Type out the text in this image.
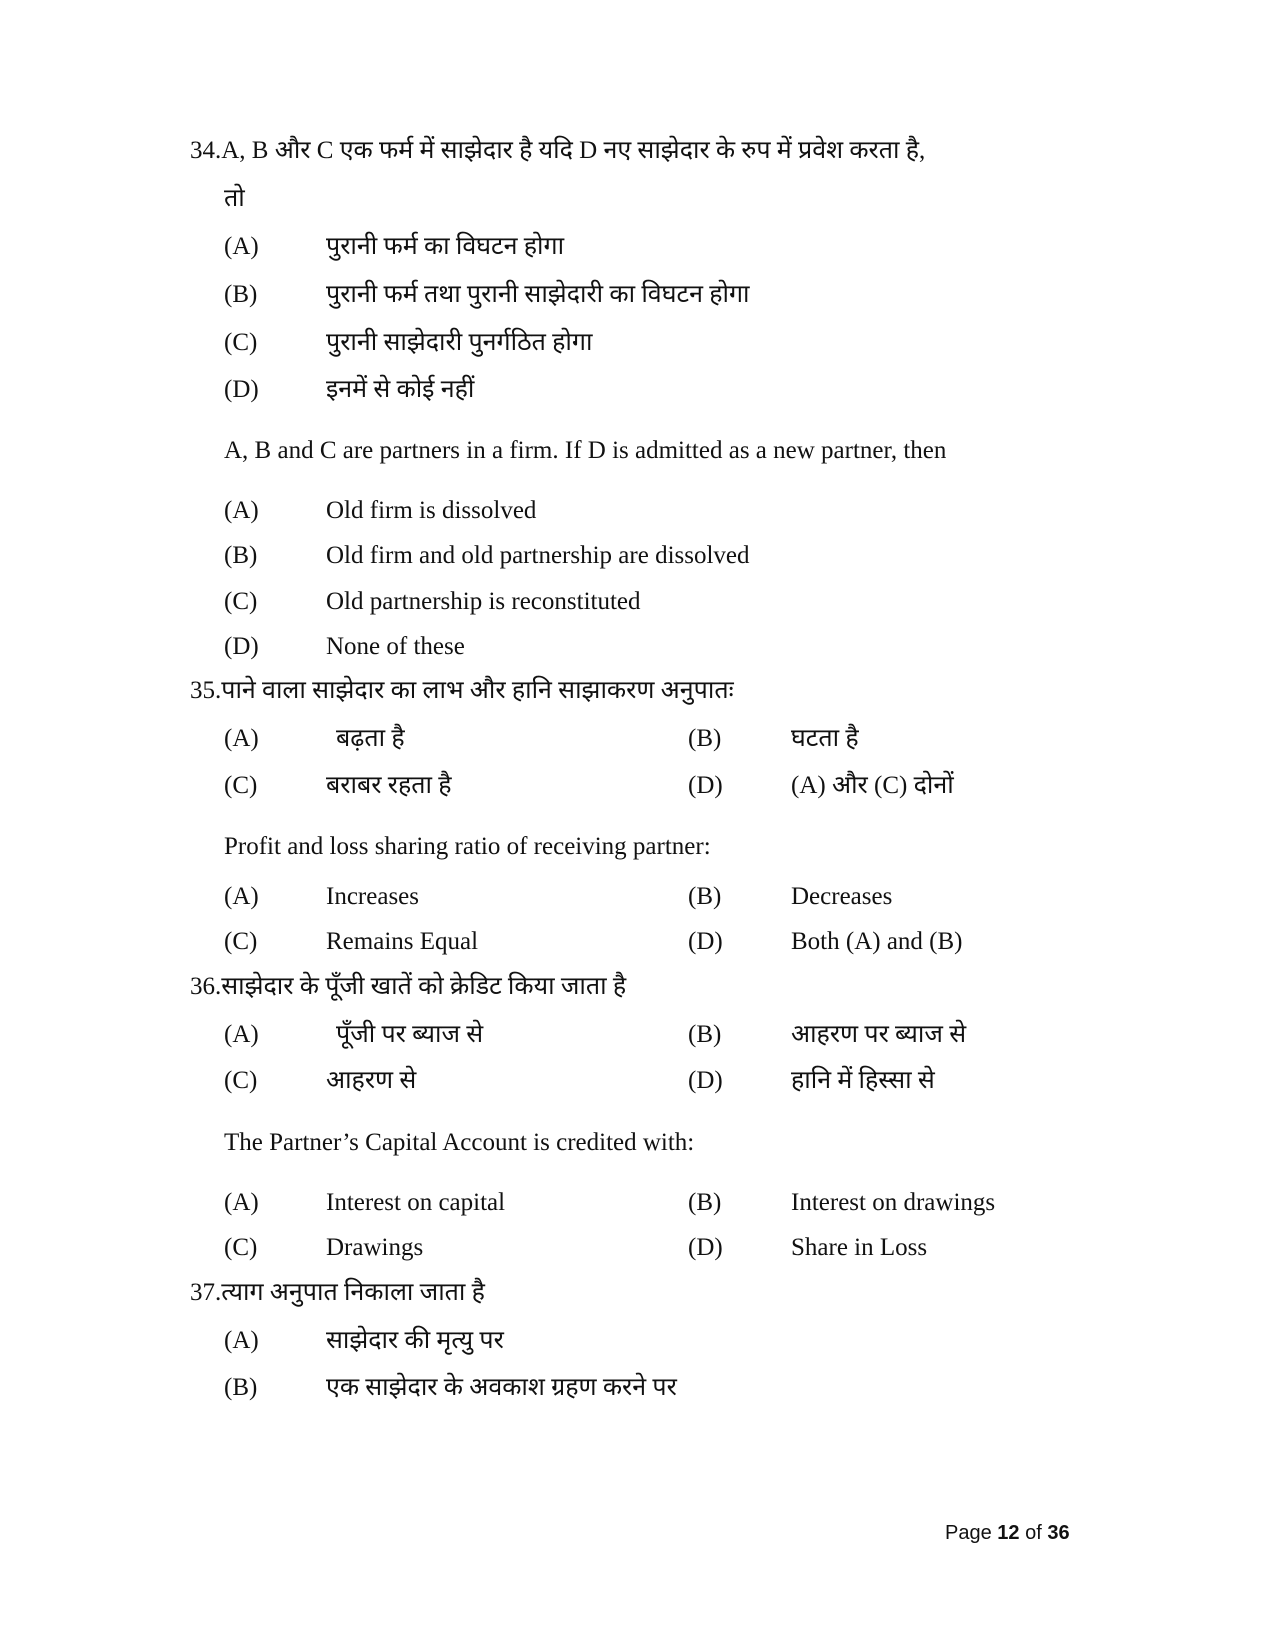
34.A, B और C एक फर्म में साझेदार है यदि D नए साझेदार के रुप में प्रवेश करता है,
तो
(A)	पुरानी फर्म का विघटन होगा
(B)	पुरानी फर्म तथा पुरानी साझेदारी का विघटन होगा
(C)	पुरानी साझेदारी पुनर्गठित होगा
(D)	इनमें से कोई नहीं
A, B and C are partners in a firm. If D is admitted as a new partner, then
(A)	Old firm is dissolved
(B)	Old firm and old partnership are dissolved
(C)	Old partnership is reconstituted
(D)	None of these
35.पाने वाला साझेदार का लाभ और हानि साझाकरण अनुपातः
(A)	बढ़ता है	(B)	घटता है
(C)	बराबर रहता है	(D)	(A) और (C) दोनों
Profit and loss sharing ratio of receiving partner:
(A)	Increases	(B)	Decreases
(C)	Remains Equal	(D)	Both (A) and (B)
36.साझेदार के पूँजी खातें को क्रेडिट किया जाता है
(A)	पूँजी पर ब्याज से	(B)	आहरण पर ब्याज से
(C)	आहरण से	(D)	हानि में हिस्सा से
The Partner’s Capital Account is credited with:
(A)	Interest on capital	(B)	Interest on drawings
(C)	Drawings	(D)	Share in Loss
37.त्याग अनुपात निकाला जाता है
(A)	साझेदार की मृत्यु पर
(B)	एक साझेदार के अवकाश ग्रहण करने पर
Page 12 of 36
